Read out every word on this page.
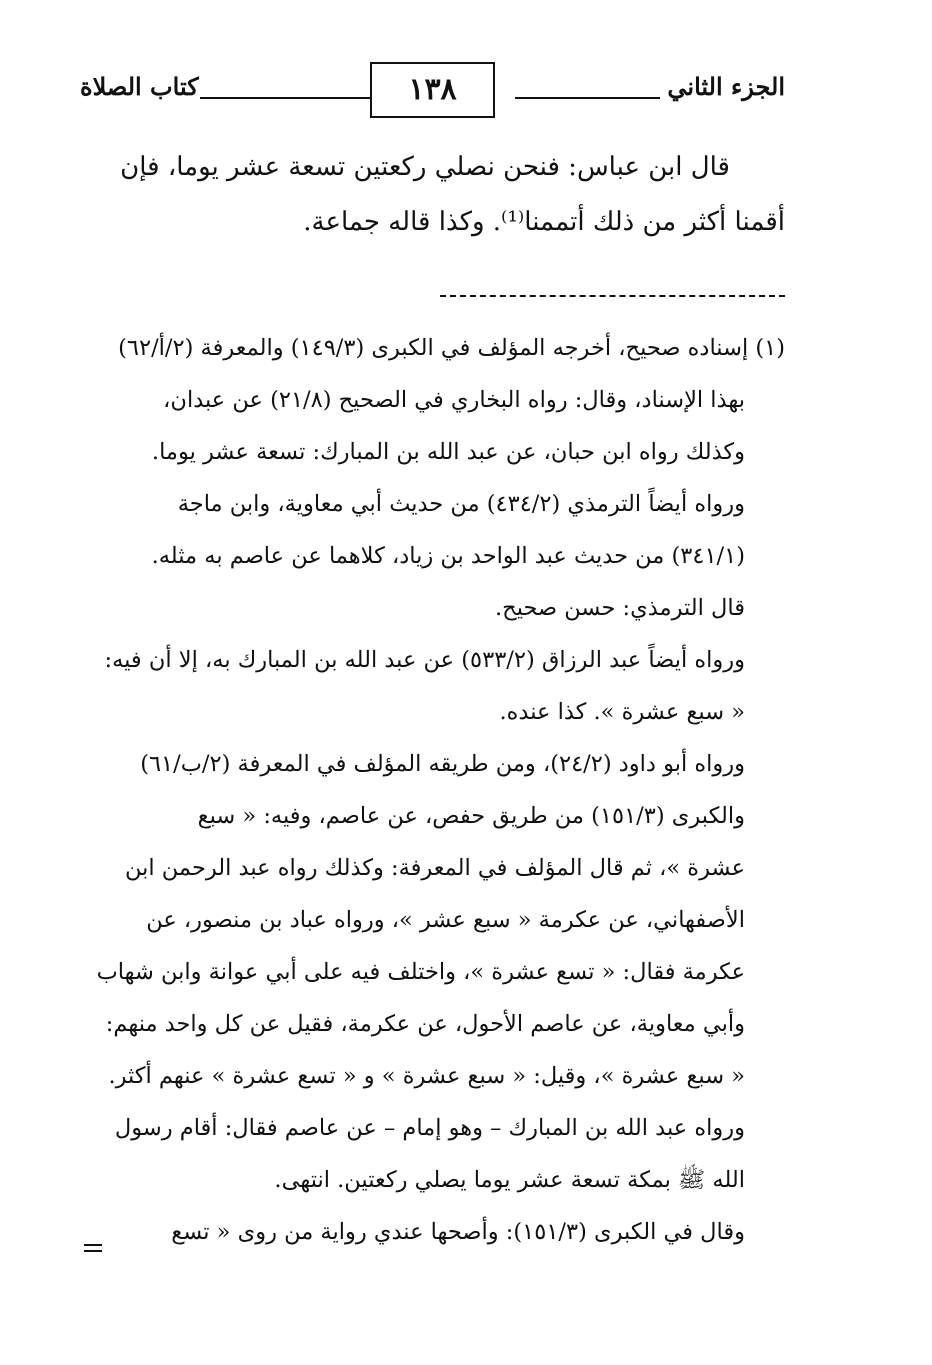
الجزء الثاني
١٣٨
كتاب الصلاة

قال ابن عباس: فنحن نصلي ركعتين تسعة عشر يوما، فإن

أقمنا أكثر من ذلك أتممنا⁽¹⁾. وكذا قاله جماعة.

(١) إسناده صحيح، أخرجه المؤلف في الكبرى (١٤٩/٣) والمعرفة (٢/أ/٦٢)

بهذا الإسناد، وقال: رواه البخاري في الصحيح (٢١/٨) عن عبدان،

وكذلك رواه ابن حبان، عن عبد الله بن المبارك: تسعة عشر يوما.

ورواه أيضاً الترمذي (٤٣٤/٢) من حديث أبي معاوية، وابن ماجة

(٣٤١/١) من حديث عبد الواحد بن زياد، كلاهما عن عاصم به مثله.

قال الترمذي: حسن صحيح.

ورواه أيضاً عبد الرزاق (٥٣٣/٢) عن عبد الله بن المبارك به، إلا أن فيه:

« سبع عشرة ». كذا عنده.

ورواه أبو داود (٢٤/٢)، ومن طريقه المؤلف في المعرفة (٢/ب/٦١)

والكبرى (١٥١/٣) من طريق حفص، عن عاصم، وفيه: « سبع

عشرة »، ثم قال المؤلف في المعرفة: وكذلك رواه عبد الرحمن ابن

الأصفهاني، عن عكرمة « سبع عشر »، ورواه عباد بن منصور، عن

عكرمة فقال: « تسع عشرة »، واختلف فيه على أبي عوانة وابن شهاب

وأبي معاوية، عن عاصم الأحول، عن عكرمة، فقيل عن كل واحد منهم:

« سبع عشرة »، وقيل: « سبع عشرة » و « تسع عشرة » عنهم أكثر.

ورواه عبد الله بن المبارك – وهو إمام – عن عاصم فقال: أقام رسول

الله ﷺ بمكة تسعة عشر يوما يصلي ركعتين. انتهى.

وقال في الكبرى (١٥١/٣): وأصحها عندي رواية من روى « تسع
